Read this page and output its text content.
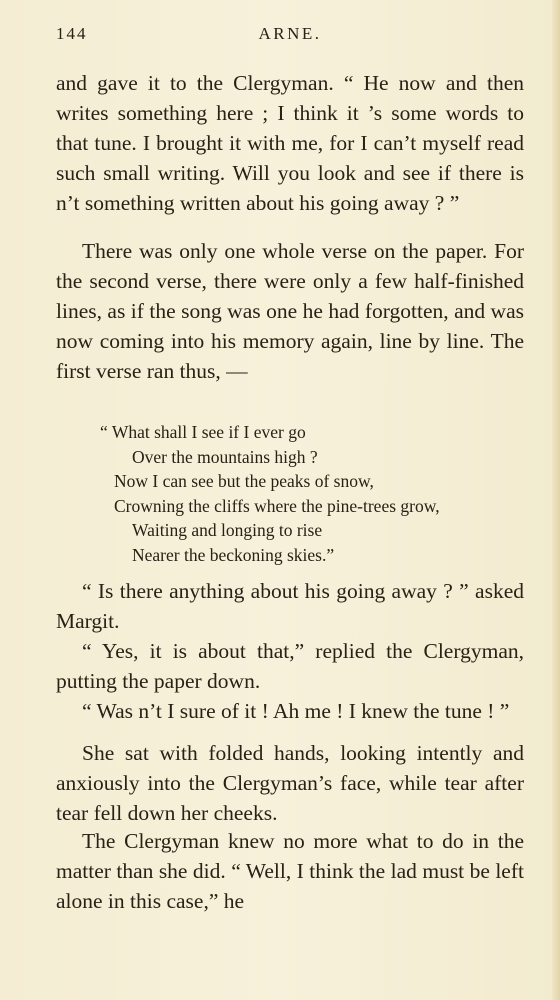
144	ARNE.

and gave it to the Clergyman. “ He now and then writes something here ; I think it ’s some words to that tune. I brought it with me, for I can’t myself read such small writing. Will you look and see if there is n’t something written about his going away ? ”

There was only one whole verse on the paper. For the second verse, there were only a few half-finished lines, as if the song was one he had forgotten, and was now coming into his memory again, line by line. The first verse ran thus, —

“ What shall I see if I ever go
Over the mountains high ?
Now I can see but the peaks of snow,
Crowning the cliffs where the pine-trees grow,
Waiting and longing to rise
Nearer the beckoning skies.”

“ Is there anything about his going away ? ” asked Margit.

“ Yes, it is about that,” replied the Clergyman, putting the paper down.

“ Was n’t I sure of it ! Ah me ! I knew the tune ! ”

She sat with folded hands, looking intently and anxiously into the Clergyman’s face, while tear after tear fell down her cheeks.

The Clergyman knew no more what to do in the matter than she did. “ Well, I think the lad must be left alone in this case,” he
